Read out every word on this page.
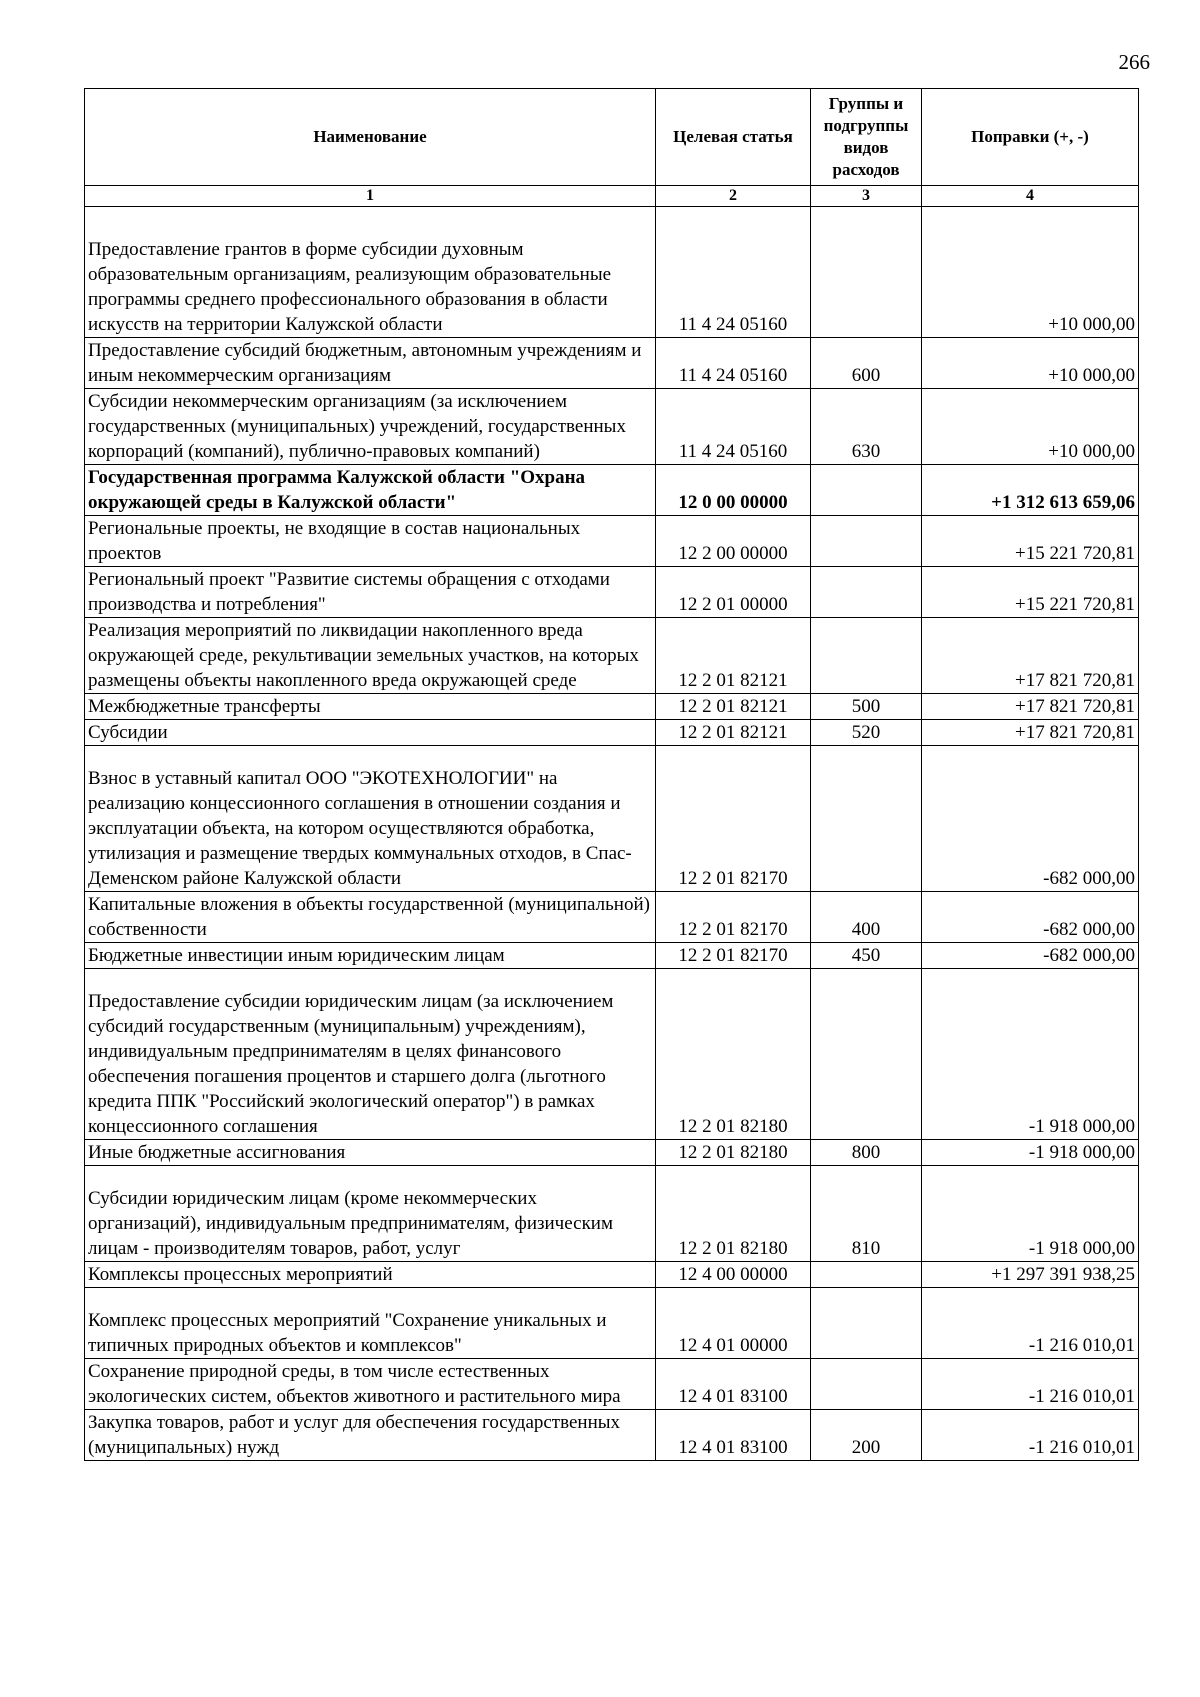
266
Наименование	Целевая статья	Группы и подгруппы видов расходов	Поправки (+, -)
1	2	3	4
Предоставление грантов в форме субсидии духовным образовательным организациям, реализующим образовательные программы среднего профессионального образования в области искусств на территории Калужской области	11 4 24 05160		+10 000,00
Предоставление субсидий бюджетным, автономным учреждениям и иным некоммерческим организациям	11 4 24 05160	600	+10 000,00
Субсидии некоммерческим организациям (за исключением государственных (муниципальных) учреждений, государственных корпораций (компаний), публично-правовых компаний)	11 4 24 05160	630	+10 000,00
Государственная программа Калужской области "Охрана окружающей среды в Калужской области"	12 0 00 00000		+1 312 613 659,06
Региональные проекты, не входящие в состав национальных проектов	12 2 00 00000		+15 221 720,81
Региональный проект "Развитие системы обращения с отходами производства и потребления"	12 2 01 00000		+15 221 720,81
Реализация мероприятий по ликвидации накопленного вреда окружающей среде, рекультивации земельных участков, на которых размещены объекты накопленного вреда окружающей среде	12 2 01 82121		+17 821 720,81
Межбюджетные трансферты	12 2 01 82121	500	+17 821 720,81
Субсидии	12 2 01 82121	520	+17 821 720,81
Взнос в уставный капитал ООО "ЭКОТЕХНОЛОГИИ" на реализацию концессионного соглашения в отношении создания и эксплуатации объекта, на котором осуществляются обработка, утилизация и размещение твердых коммунальных отходов, в Спас-Деменском районе Калужской области	12 2 01 82170		-682 000,00
Капитальные вложения в объекты государственной (муниципальной) собственности	12 2 01 82170	400	-682 000,00
Бюджетные инвестиции иным юридическим лицам	12 2 01 82170	450	-682 000,00
Предоставление субсидии юридическим лицам (за исключением субсидий государственным (муниципальным) учреждениям), индивидуальным предпринимателям в целях финансового обеспечения погашения процентов и старшего долга (льготного кредита ППК "Российский экологический оператор") в рамках концессионного соглашения	12 2 01 82180		-1 918 000,00
Иные бюджетные ассигнования	12 2 01 82180	800	-1 918 000,00
Субсидии юридическим лицам (кроме некоммерческих организаций), индивидуальным предпринимателям, физическим лицам - производителям товаров, работ, услуг	12 2 01 82180	810	-1 918 000,00
Комплексы процессных мероприятий	12 4 00 00000		+1 297 391 938,25
Комплекс процессных мероприятий "Сохранение уникальных и типичных природных объектов и комплексов"	12 4 01 00000		-1 216 010,01
Сохранение природной среды, в том числе естественных экологических систем, объектов животного и растительного мира	12 4 01 83100		-1 216 010,01
Закупка товаров, работ и услуг для обеспечения государственных (муниципальных) нужд	12 4 01 83100	200	-1 216 010,01
